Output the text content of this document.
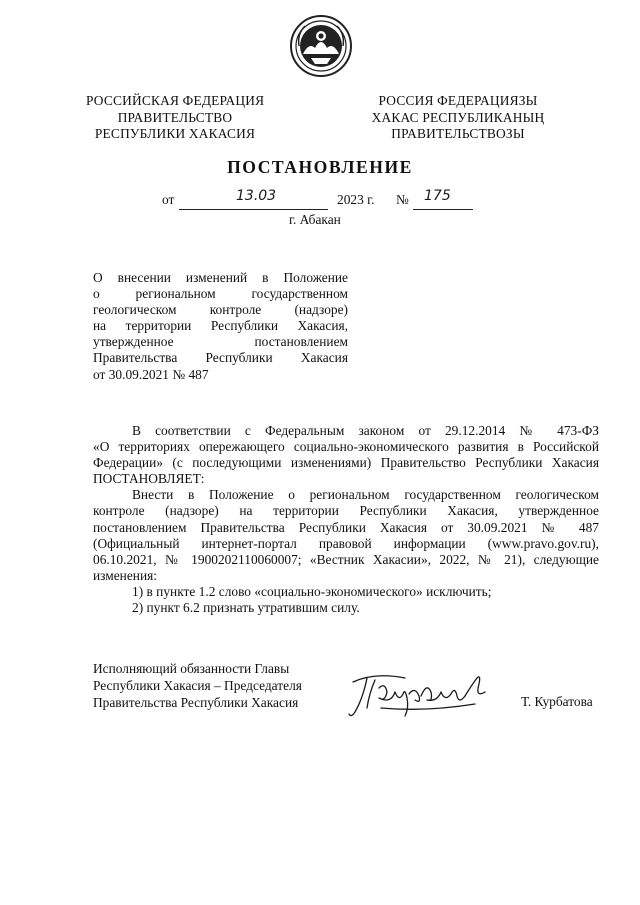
РОССИЙСКАЯ ФЕДЕРАЦИЯ
ПРАВИТЕЛЬСТВО
РЕСПУБЛИКИ ХАКАСИЯ
РОССИЯ ФЕДЕРАЦИЯЗЫ
ХАКАС РЕСПУБЛИКАНЫҢ
ПРАВИТЕЛЬСТВОЗЫ
ПОСТАНОВЛЕНИЕ
от	13.03	2023 г. № 175
г. Абакан
О внесении изменений в Положение
о региональном государственном
геологическом контроле (надзоре)
на территории Республики Хакасия,
утвержденное постановлением
Правительства Республики Хакасия
от 30.09.2021 № 487
В соответствии с Федеральным законом от 29.12.2014 № 473-ФЗ
«О территориях опережающего социально-экономического развития в Российской
Федерации» (с последующими изменениями) Правительство Республики Хакасия
ПОСТАНОВЛЯЕТ:
Внести в Положение о региональном государственном геологическом
контроле (надзоре) на территории Республики Хакасия, утвержденное
постановлением Правительства Республики Хакасия от 30.09.2021 № 487
(Официальный интернет-портал правовой информации (www.pravo.gov.ru),
06.10.2021, № 1900202110060007; «Вестник Хакасии», 2022, № 21), следующие
изменения:
1) в пункте 1.2 слово «социально-экономического» исключить;
2) пункт 6.2 признать утратившим силу.
Исполняющий обязанности Главы
Республики Хакасия – Председателя
Правительства Республики Хакасия	Т. Курбатова
